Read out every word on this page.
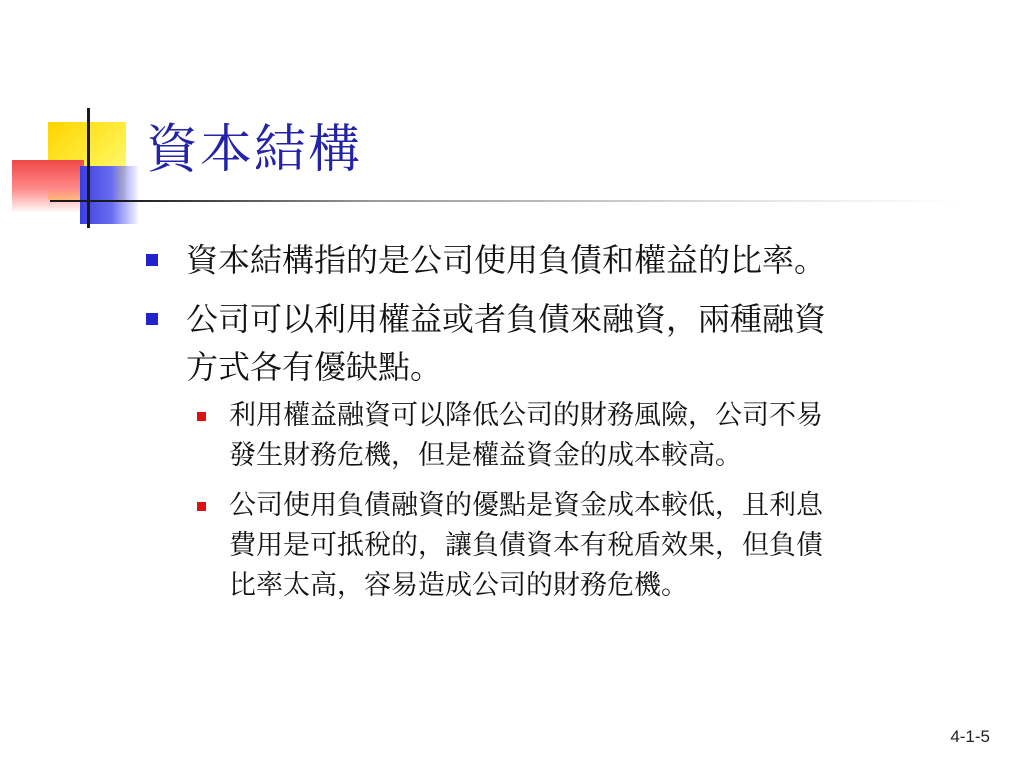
資本結構

資本結構指的是公司使用負債和權益的比率。

公司可以利用權益或者負債來融資，兩種融資
方式各有優缺點。

利用權益融資可以降低公司的財務風險，公司不易
發生財務危機，但是權益資金的成本較高。

公司使用負債融資的優點是資金成本較低，且利息
費用是可抵稅的，讓負債資本有稅盾效果，但負債
比率太高，容易造成公司的財務危機。

4-1-5
